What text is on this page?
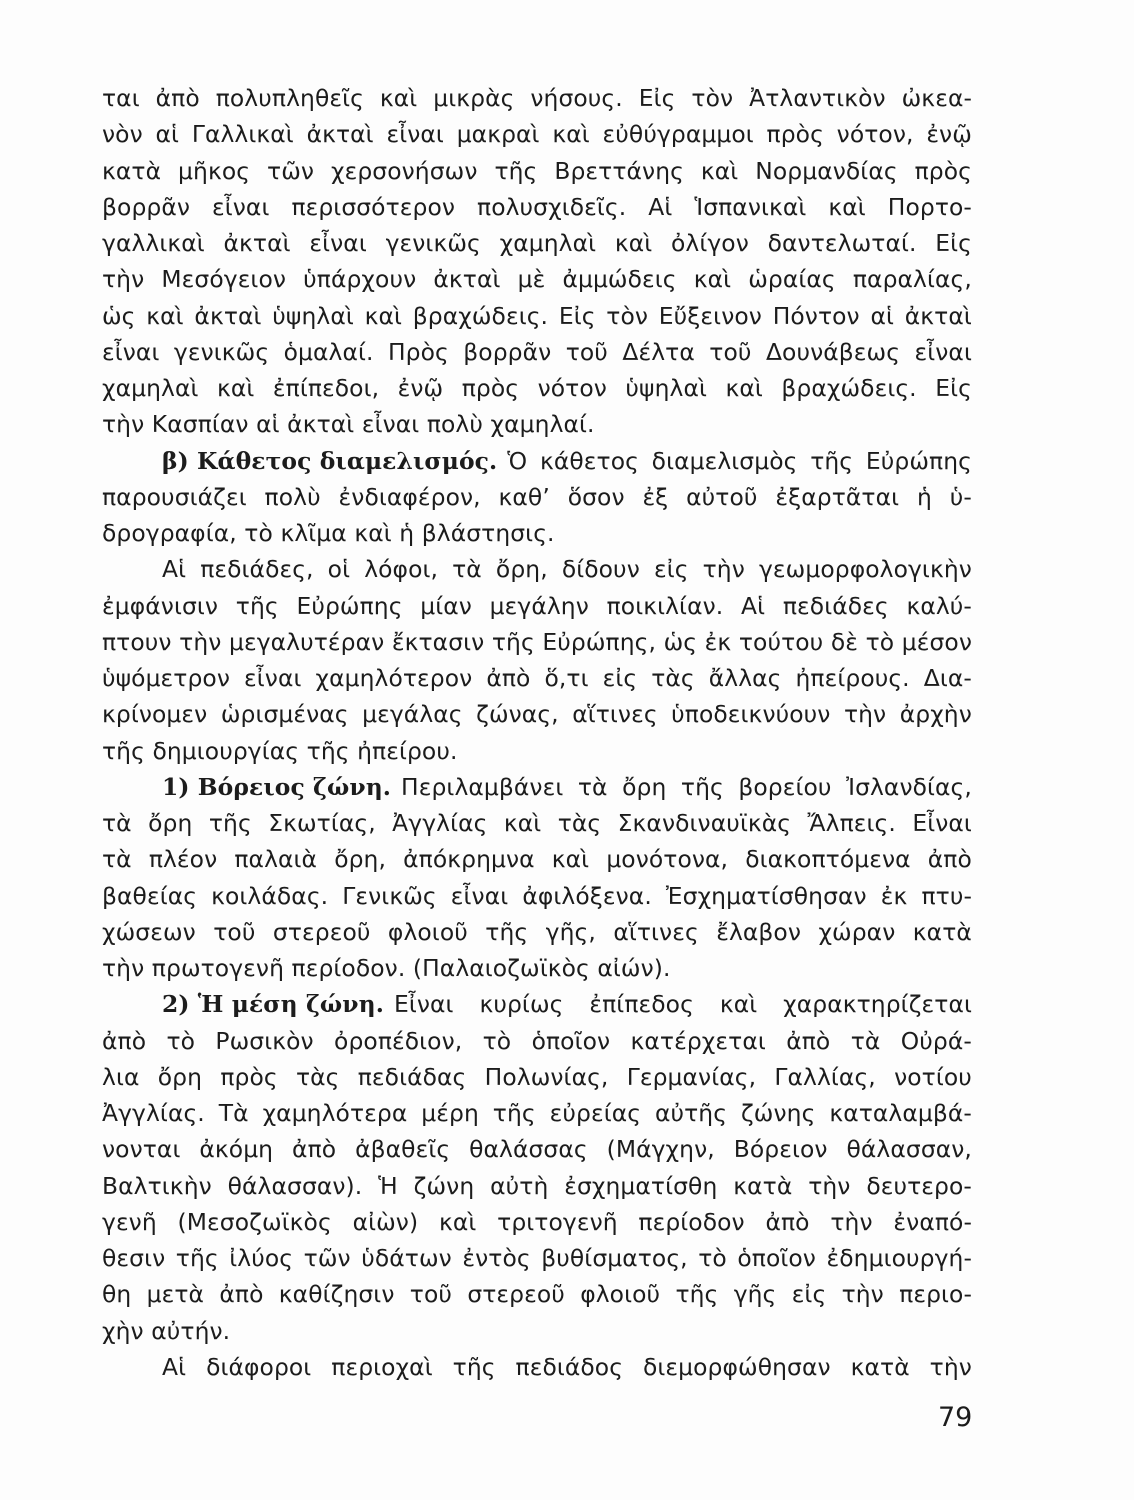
ται ἀπὸ πολυπληθεῖς καὶ μικρὰς νήσους. Εἰς τὸν Ἀτλαντικὸν ὠκεα-
νὸν αἱ Γαλλικαὶ ἀκταὶ εἶναι μακραὶ καὶ εὐθύγραμμοι πρὸς νότον, ἐνῷ
κατὰ μῆκος τῶν χερσονήσων τῆς Βρεττάνης καὶ Νορμανδίας πρὸς
βορρᾶν εἶναι περισσότερον πολυσχιδεῖς. Αἱ Ἱσπανικαὶ καὶ Πορτο-
γαλλικαὶ ἀκταὶ εἶναι γενικῶς χαμηλαὶ καὶ ὀλίγον δαντελωταί. Εἰς
τὴν Μεσόγειον ὑπάρχουν ἀκταὶ μὲ ἀμμώδεις καὶ ὡραίας παραλίας,
ὡς καὶ ἀκταὶ ὑψηλαὶ καὶ βραχώδεις. Εἰς τὸν Εὔξεινον Πόντον αἱ ἀκταὶ
εἶναι γενικῶς ὁμαλαί. Πρὸς βορρᾶν τοῦ Δέλτα τοῦ Δουνάβεως εἶναι
χαμηλαὶ καὶ ἐπίπεδοι, ἐνῷ πρὸς νότον ὑψηλαὶ καὶ βραχώδεις. Εἰς
τὴν Κασπίαν αἱ ἀκταὶ εἶναι πολὺ χαμηλαί.
β) Κάθετος διαμελισμός. Ὁ κάθετος διαμελισμὸς τῆς Εὐρώπης
παρουσιάζει πολὺ ἐνδιαφέρον, καθ’ ὅσον ἐξ αὐτοῦ ἐξαρτᾶται ἡ ὑ-
δρογραφία, τὸ κλῖμα καὶ ἡ βλάστησις.
Αἱ πεδιάδες, οἱ λόφοι, τὰ ὄρη, δίδουν εἰς τὴν γεωμορφολογικὴν
ἐμφάνισιν τῆς Εὐρώπης μίαν μεγάλην ποικιλίαν. Αἱ πεδιάδες καλύ-
πτουν τὴν μεγαλυτέραν ἔκτασιν τῆς Εὐρώπης, ὡς ἐκ τούτου δὲ τὸ μέσον
ὑψόμετρον εἶναι χαμηλότερον ἀπὸ ὅ,τι εἰς τὰς ἄλλας ἠπείρους. Δια-
κρίνομεν ὡρισμένας μεγάλας ζώνας, αἵτινες ὑποδεικνύουν τὴν ἀρχὴν
τῆς δημιουργίας τῆς ἠπείρου.
1) Βόρειος ζώνη. Περιλαμβάνει τὰ ὄρη τῆς βορείου Ἰσλανδίας,
τὰ ὄρη τῆς Σκωτίας, Ἀγγλίας καὶ τὰς Σκανδιναυϊκὰς Ἄλπεις. Εἶναι
τὰ πλέον παλαιὰ ὄρη, ἀπόκρημνα καὶ μονότονα, διακοπτόμενα ἀπὸ
βαθείας κοιλάδας. Γενικῶς εἶναι ἀφιλόξενα. Ἐσχηματίσθησαν ἐκ πτυ-
χώσεων τοῦ στερεοῦ φλοιοῦ τῆς γῆς, αἵτινες ἔλαβον χώραν κατὰ
τὴν πρωτογενῆ περίοδον. (Παλαιοζωϊκὸς αἰών).
2) Ἡ μέση ζώνη. Εἶναι κυρίως ἐπίπεδος καὶ χαρακτηρίζεται
ἀπὸ τὸ Ρωσικὸν ὀροπέδιον, τὸ ὁποῖον κατέρχεται ἀπὸ τὰ Οὐρά-
λια ὄρη πρὸς τὰς πεδιάδας Πολωνίας, Γερμανίας, Γαλλίας, νοτίου
Ἀγγλίας. Τὰ χαμηλότερα μέρη τῆς εὐρείας αὐτῆς ζώνης καταλαμβά-
νονται ἀκόμη ἀπὸ ἀβαθεῖς θαλάσσας (Μάγχην, Βόρειον θάλασσαν,
Βαλτικὴν θάλασσαν). Ἡ ζώνη αὐτὴ ἐσχηματίσθη κατὰ τὴν δευτερο-
γενῆ (Μεσοζωϊκὸς αἰὼν) καὶ τριτογενῆ περίοδον ἀπὸ τὴν ἐναπό-
θεσιν τῆς ἰλύος τῶν ὑδάτων ἐντὸς βυθίσματος, τὸ ὁποῖον ἐδημιουργή-
θη μετὰ ἀπὸ καθίζησιν τοῦ στερεοῦ φλοιοῦ τῆς γῆς εἰς τὴν περιο-
χὴν αὐτήν.
Αἱ διάφοροι περιοχαὶ τῆς πεδιάδος διεμορφώθησαν κατὰ τὴν
79
